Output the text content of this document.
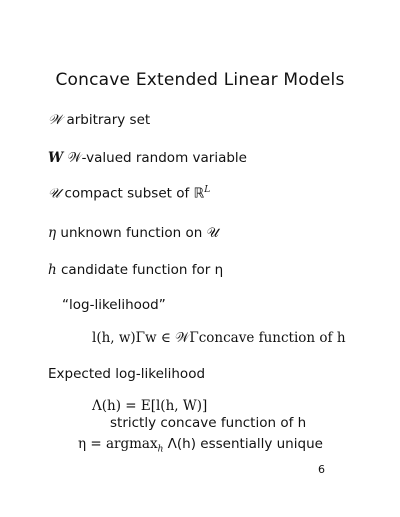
Concave Extended Linear Models
𝒲 arbitrary set
W 𝒲-valued random variable
𝒰 compact subset of ℝ$^L$
η unknown function on 𝒰
h candidate function for η
“log-likelihood”
l(h, w)Γw ∈ 𝒲Γconcave function of h
Expected log-likelihood
Λ(h) = E[l(h, W)]
strictly concave function of h
η = argmax$_h$ Λ(h) essentially unique
6
